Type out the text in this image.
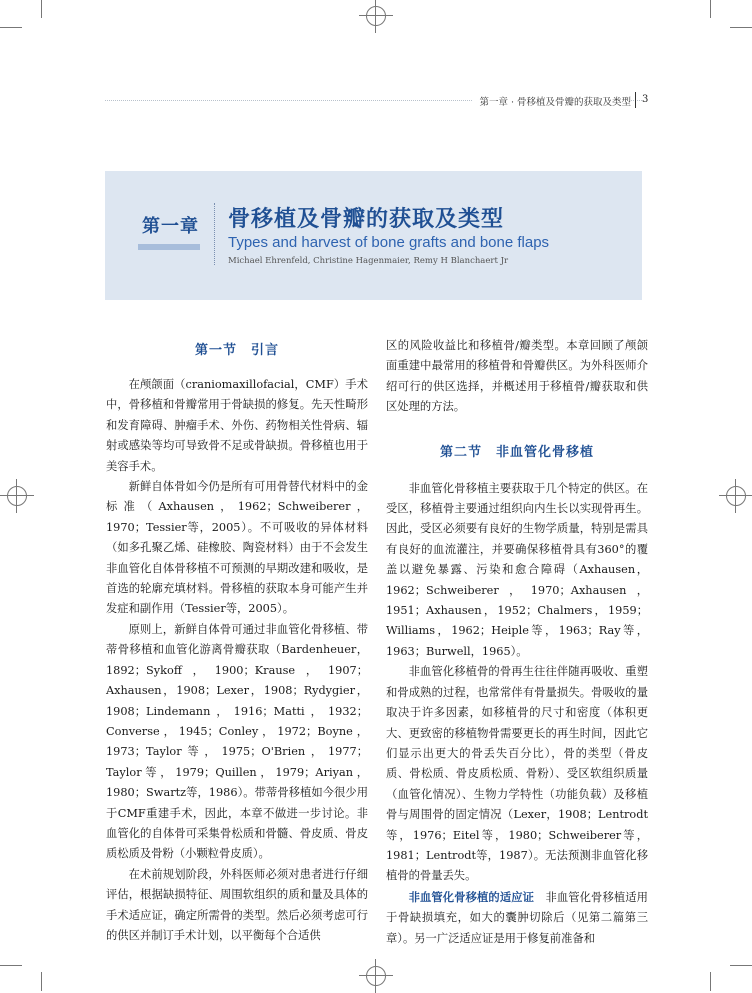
第一章 · 骨移植及骨瓣的获取及类型 3
第一章 骨移植及骨瓣的获取及类型
Types and harvest of bone grafts and bone flaps
Michael Ehrenfeld, Christine Hagenmaier, Remy H Blanchaert Jr
第一节　引言

在颅颌面（craniomaxillofacial，CMF）手术中，骨移植和骨瓣常用于骨缺损的修复。先天性畸形和发育障碍、肿瘤手术、外伤、药物相关性骨病、辐射或感染等均可导致骨不足或骨缺损。骨移植也用于美容手术。

新鲜自体骨如今仍是所有可用骨替代材料中的金标准（Axhausen，1962；Schweiberer，1970；Tessier等，2005）。不可吸收的异体材料（如多孔聚乙烯、硅橡胶、陶瓷材料）由于不会发生非血管化自体骨移植不可预测的早期改建和吸收，是首选的轮廓充填材料。骨移植的获取本身可能产生并发症和副作用（Tessier等，2005）。

原则上，新鲜自体骨可通过非血管化骨移植、带蒂骨移植和血管化游离骨瓣获取（Bardenheuer，1892；Sykoff，1900；Krause，1907；Axhausen，1908；Lexer，1908；Rydygier，1908；Lindemann，1916；Matti，1932；Converse，1945；Conley，1972；Boyne，1973；Taylor等，1975；O'Brien，1977；Taylor等，1979；Quillen，1979；Ariyan，1980；Swartz等，1986）。带蒂骨移植如今很少用于CMF重建手术，因此，本章不做进一步讨论。非血管化的自体骨可采集骨松质和骨髓、骨皮质、骨皮质松质及骨粉（小颗粒骨皮质）。

在术前规划阶段，外科医师必须对患者进行仔细评估，根据缺损特征、周围软组织的质和量及具体的手术适应证，确定所需骨的类型。然后必须考虑可行的供区并制订手术计划，以平衡每个合适供

区的风险收益比和移植骨/瓣类型。本章回顾了颅颌面重建中最常用的移植骨和骨瓣供区。为外科医师介绍可行的供区选择，并概述用于移植骨/瓣获取和供区处理的方法。

第二节　非血管化骨移植

非血管化骨移植主要获取于几个特定的供区。在受区，移植骨主要通过组织向内生长以实现骨再生。因此，受区必须要有良好的生物学质量，特别是需具有良好的血流灌注，并要确保移植骨具有360°的覆盖以避免暴露、污染和愈合障碍（Axhausen，1962；Schweiberer，1970；Axhausen，1951；Axhausen，1952；Chalmers，1959；Williams，1962；Heiple等，1963；Ray等，1963；Burwell，1965）。

非血管化移植骨的骨再生往往伴随再吸收、重塑和骨成熟的过程，也常常伴有骨量损失。骨吸收的量取决于许多因素，如移植骨的尺寸和密度（体积更大、更致密的移植物骨需要更长的再生时间，因此它们显示出更大的骨丢失百分比），骨的类型（骨皮质、骨松质、骨皮质松质、骨粉）、受区软组织质量（血管化情况）、生物力学特性（功能负载）及移植骨与周围骨的固定情况（Lexer，1908；Lentrodt等，1976；Eitel等，1980；Schweiberer等，1981；Lentrodt等，1987）。无法预测非血管化移植骨的骨量丢失。

非血管化骨移植的适应证　 非血管化骨移植适用于骨缺损填充，如大的囊肿切除后（见第二篇第三章）。另一广泛适应证是用于修复前准备和
